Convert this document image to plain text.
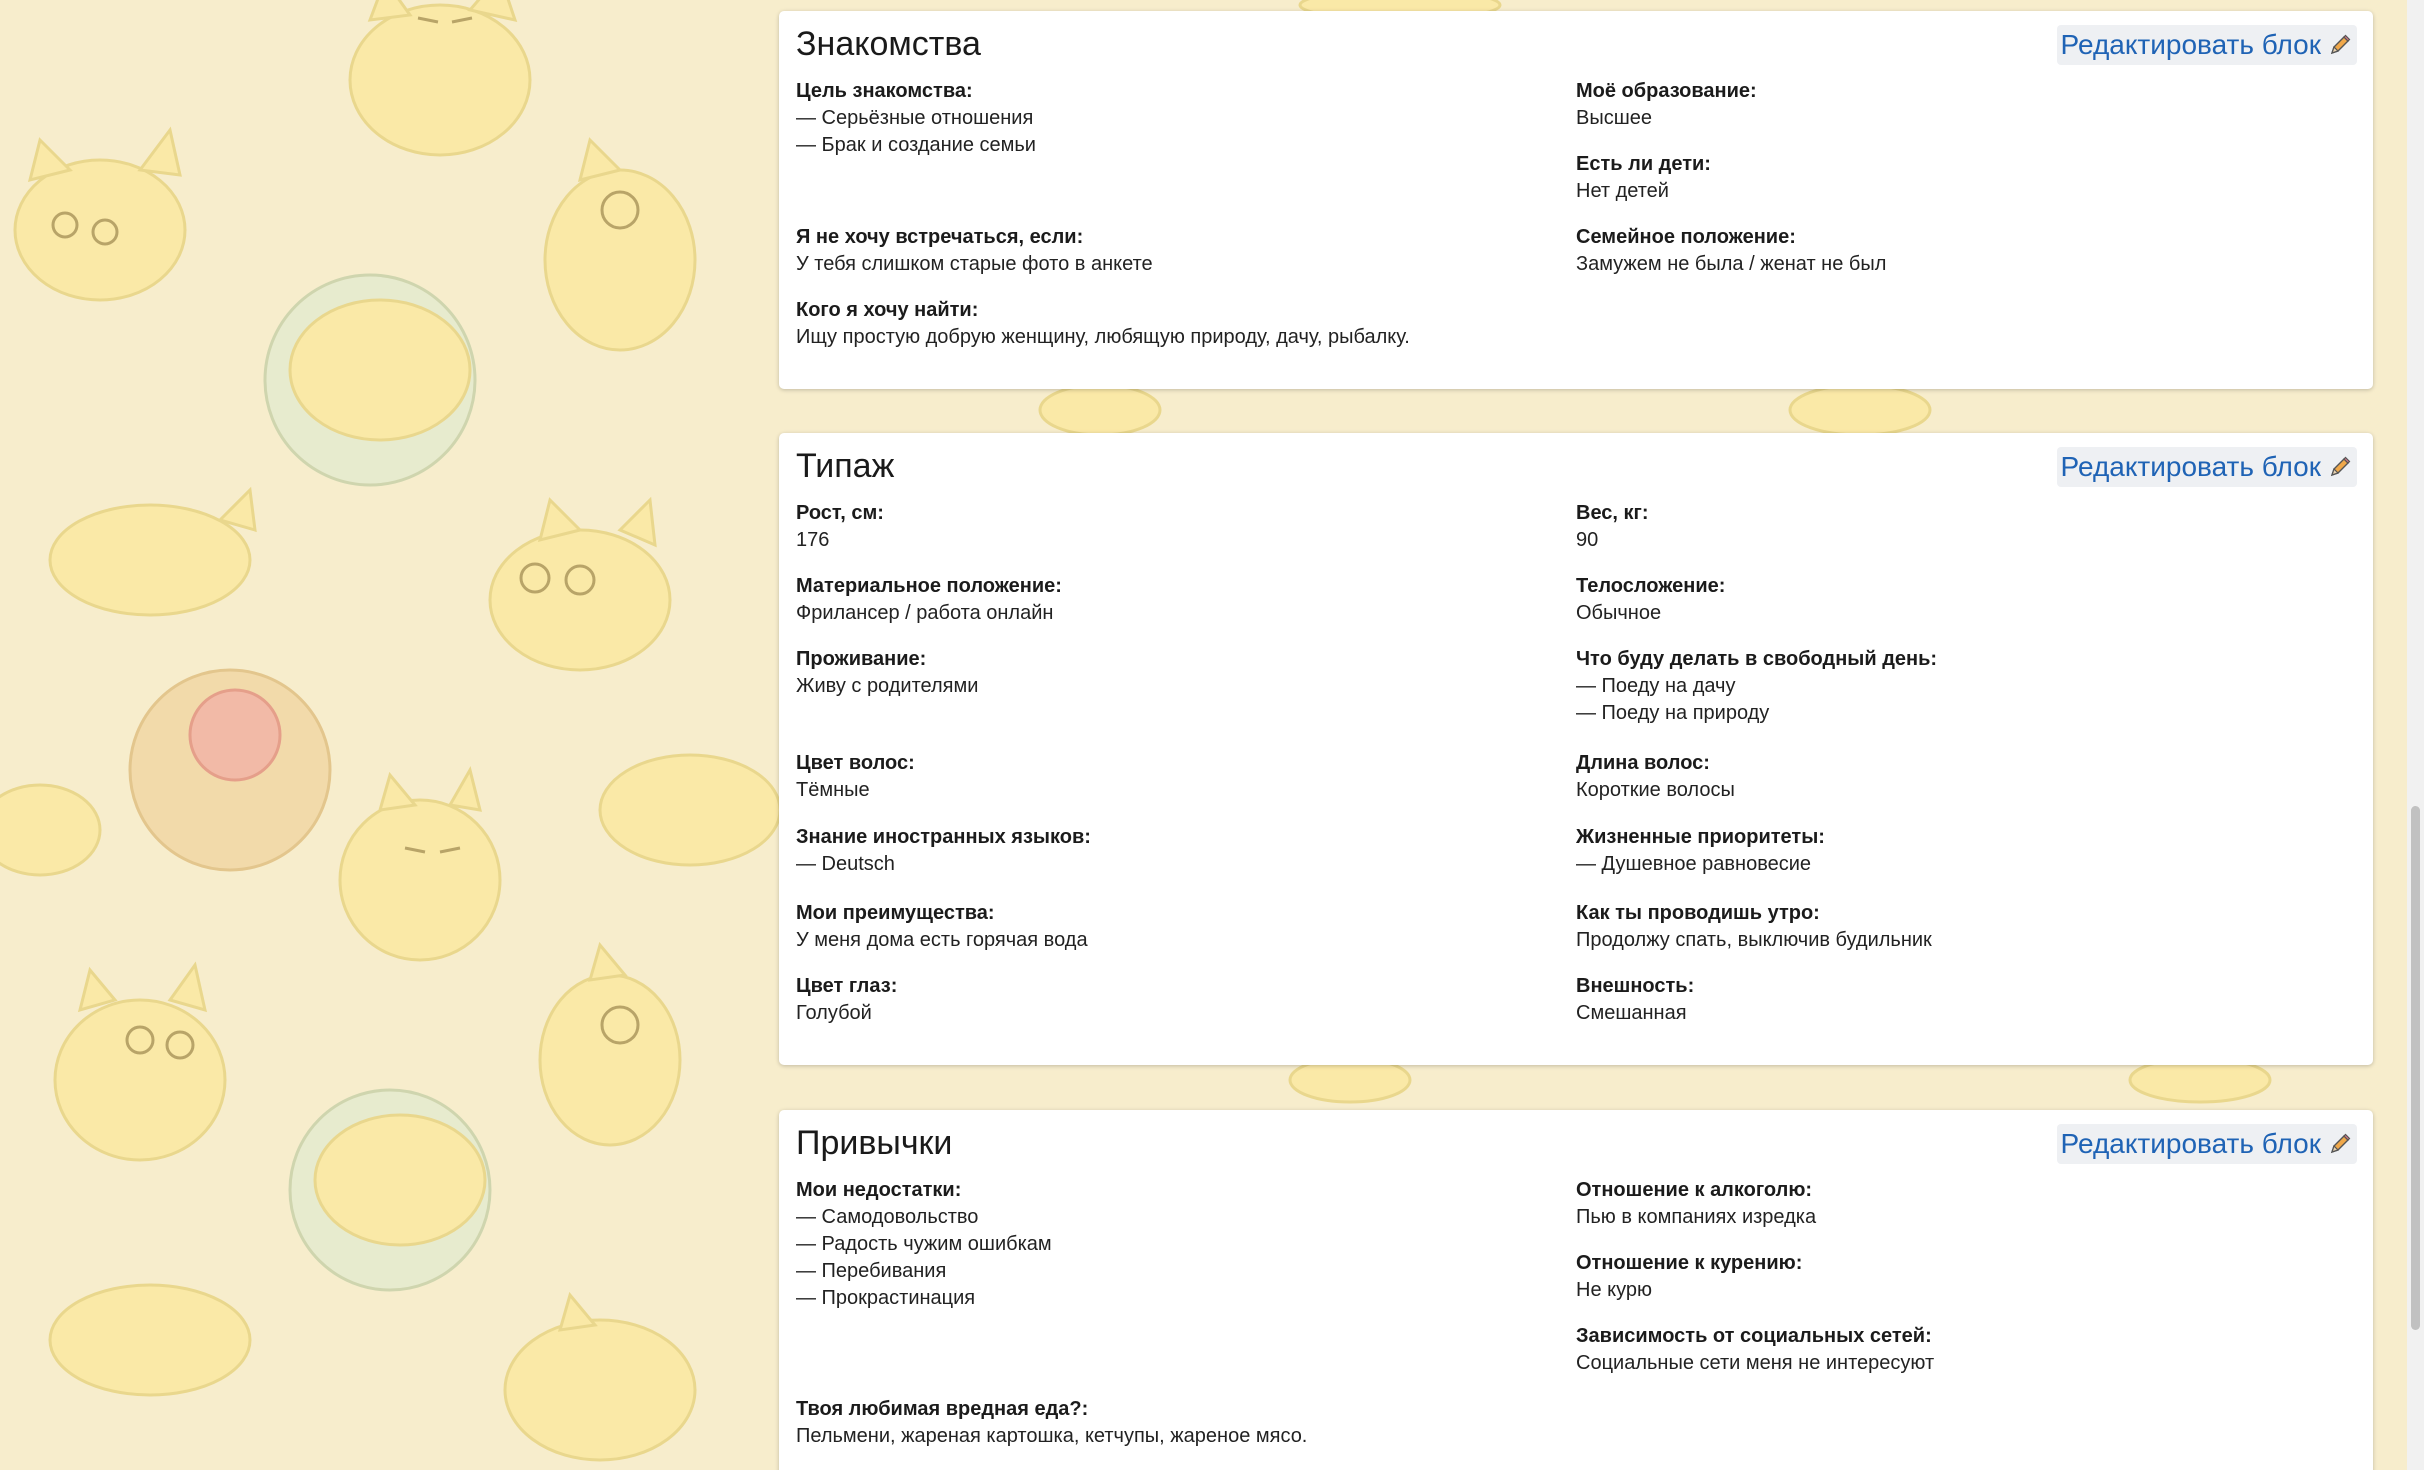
Знакомства	Редактировать блок
Цель знакомства:
— Серьёзные отношения
— Брак и создание семьи
Я не хочу встречаться, если:
У тебя слишком старые фото в анкете
Кого я хочу найти:
Ищу простую добрую женщину, любящую природу, дачу, рыбалку.
Моё образование:
Высшее
Есть ли дети:
Нет детей
Семейное положение:
Замужем не была / женат не был
Типаж	Редактировать блок
Рост, см:
176
Материальное положение:
Фрилансер / работа онлайн
Проживание:
Живу с родителями
Цвет волос:
Тёмные
Знание иностранных языков:
— Deutsch
Мои преимущества:
У меня дома есть горячая вода
Цвет глаз:
Голубой
Вес, кг:
90
Телосложение:
Обычное
Что буду делать в свободный день:
— Поеду на дачу
— Поеду на природу
Длина волос:
Короткие волосы
Жизненные приоритеты:
— Душевное равновесие
Как ты проводишь утро:
Продолжу спать, выключив будильник
Внешность:
Смешанная
Привычки	Редактировать блок
Мои недостатки:
— Самодовольство
— Радость чужим ошибкам
— Перебивания
— Прокрастинация
Твоя любимая вредная еда?:
Пельмени, жареная картошка, кетчупы, жареное мясо.
Отношение к алкоголю:
Пью в компаниях изредка
Отношение к курению:
Не курю
Зависимость от социальных сетей:
Социальные сети меня не интересуют
